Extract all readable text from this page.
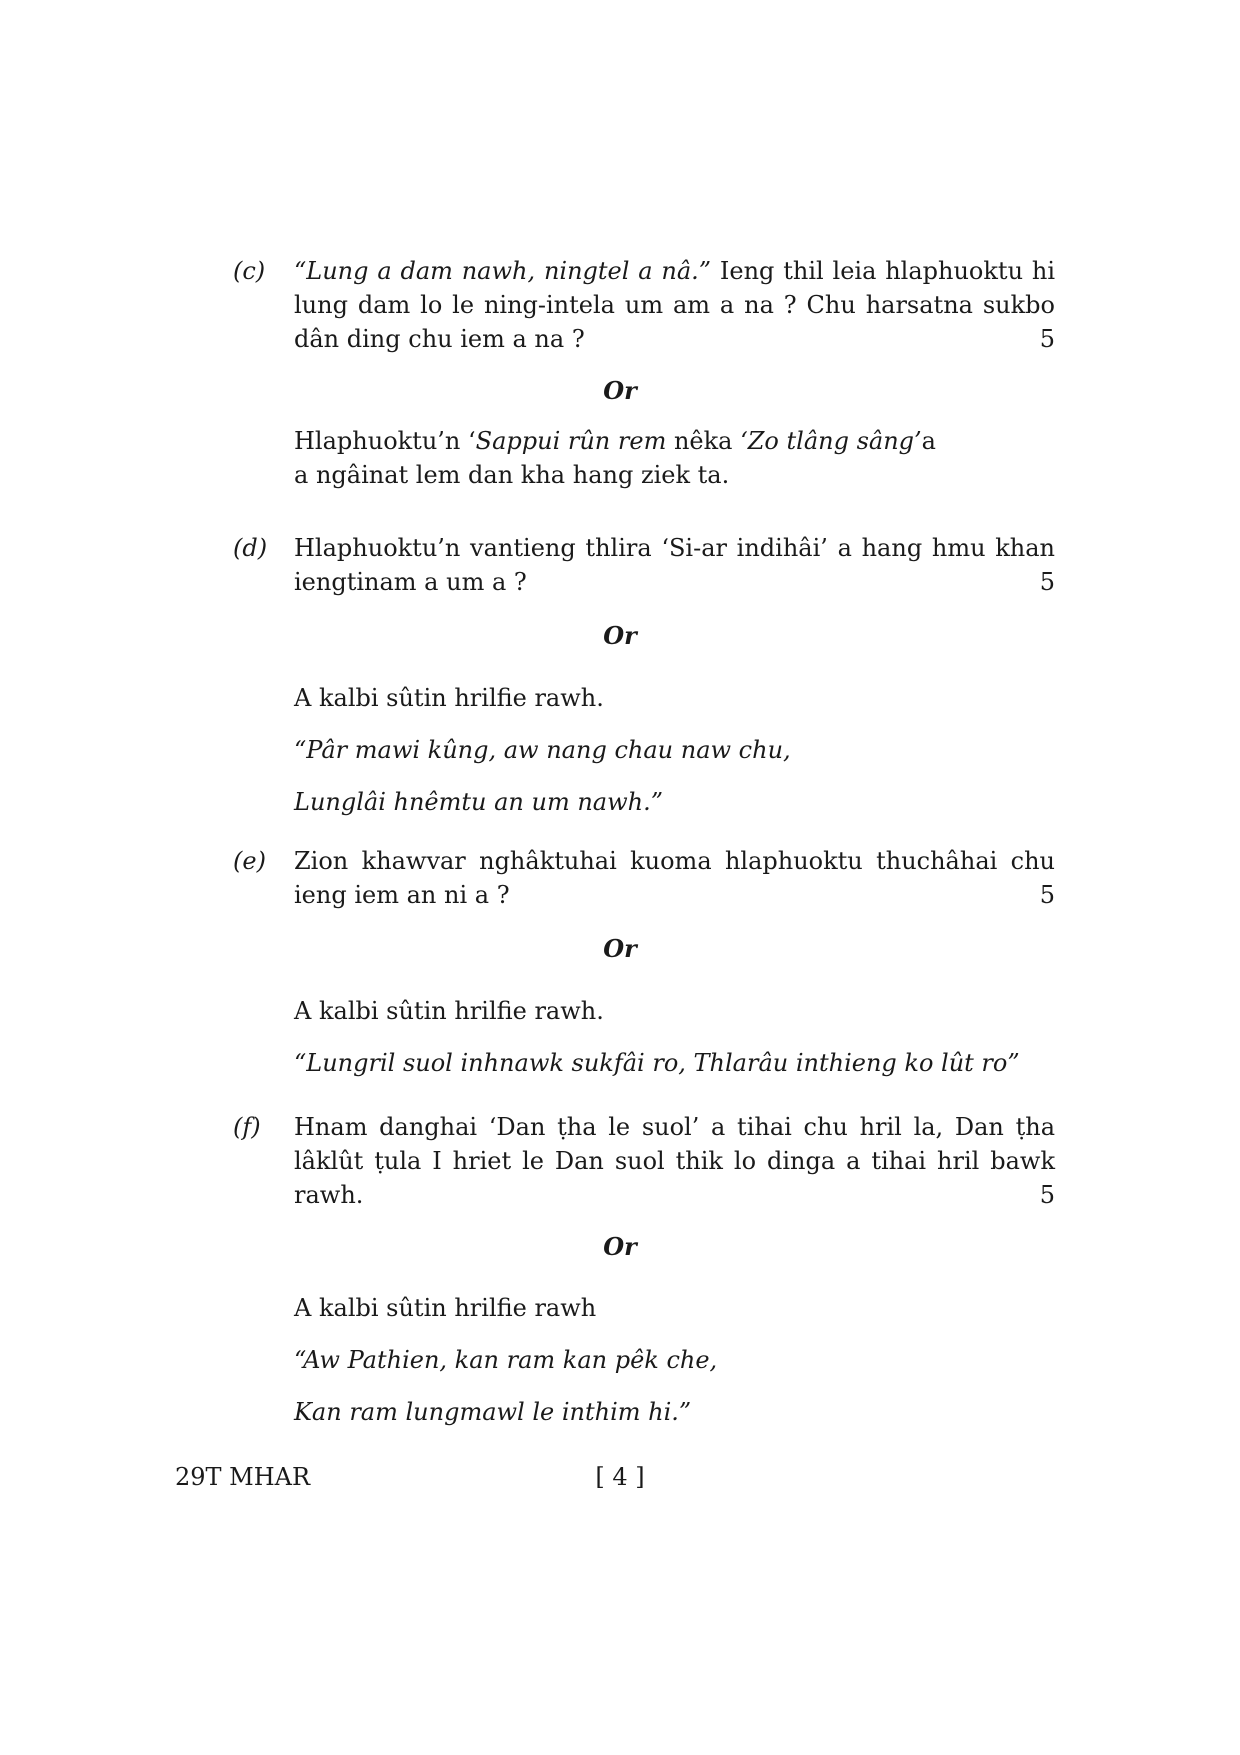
(c) “Lung a dam nawh, ningtel a nâ.” Ieng thil leia hlaphuoktu hi
lung dam lo le ning-intela um am a na ? Chu harsatna sukbo
dân ding chu iem a na ?	5
Or
Hlaphuoktu’n ‘Sappui rûn rem nêka ‘Zo tlâng sâng’a
a ngâinat lem dan kha hang ziek ta.
(d) Hlaphuoktu’n vantieng thlira ‘Si-ar indihâi’ a hang hmu khan
iengtinam a um a ?	5
Or
A kalbi sûtin hrilfie rawh.
“Pâr mawi kûng, aw nang chau naw chu,
Lunglâi hnêmtu an um nawh.”
(e) Zion khawvar nghâktuhai kuoma hlaphuoktu thuchâhai chu
ieng iem an ni a ?	5
Or
A kalbi sûtin hrilfie rawh.
“Lungril suol inhnawk sukfâi ro, Thlarâu inthieng ko lût ro”
(f) Hnam danghai ‘Dan ṭha le suol’ a tihai chu hril la, Dan ṭha
lâklût ṭula I hriet le Dan suol thik lo dinga a tihai hril bawk
rawh.	5
Or
A kalbi sûtin hrilfie rawh
“Aw Pathien, kan ram kan pêk che,
Kan ram lungmawl le inthim hi.”
29T MHAR	[ 4 ]
